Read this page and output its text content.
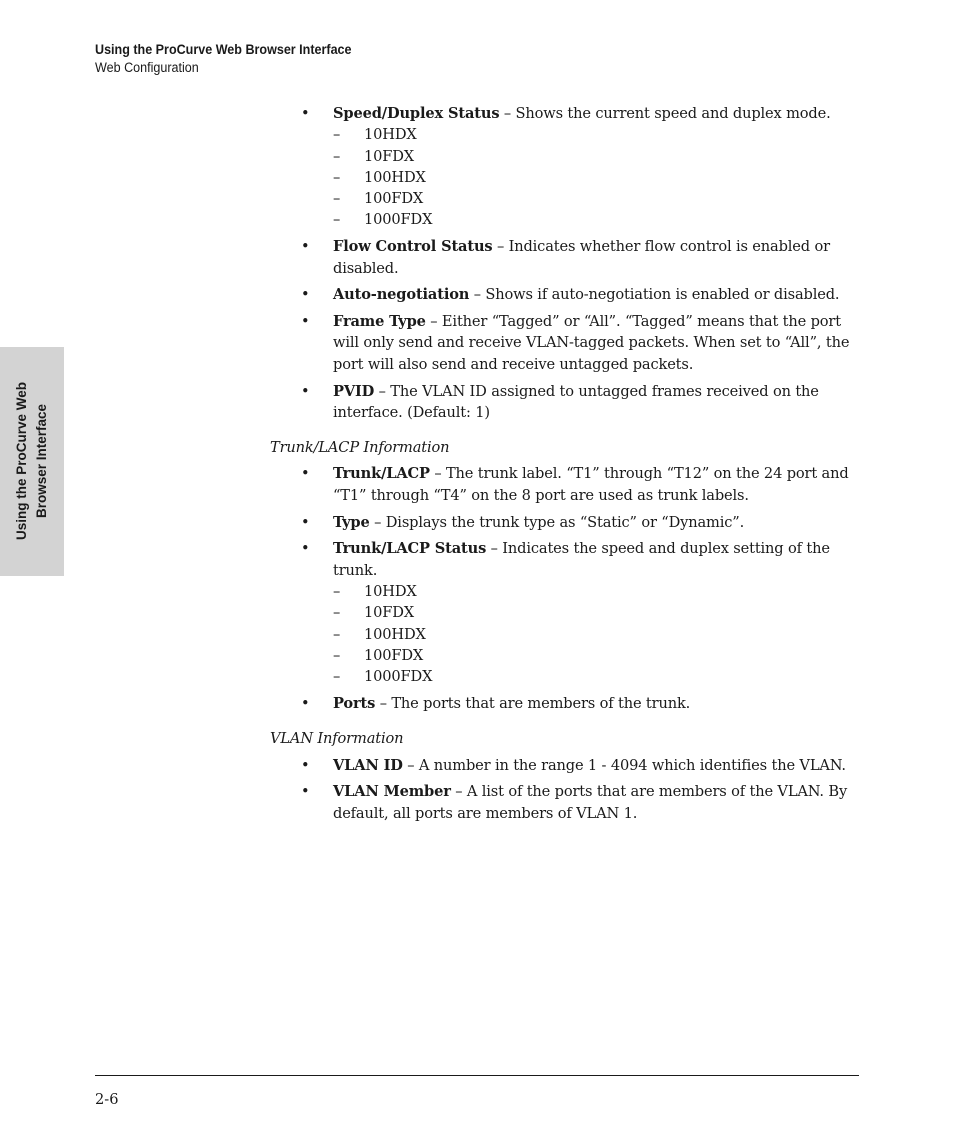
Using the ProCurve Web Browser Interface
Web Configuration
Using the ProCurve Web Browser Interface
• Speed/Duplex Status – Shows the current speed and duplex mode.
– 10HDX
– 10FDX
– 100HDX
– 100FDX
– 1000FDX
• Flow Control Status – Indicates whether flow control is enabled or disabled.
• Auto-negotiation – Shows if auto-negotiation is enabled or disabled.
• Frame Type – Either “Tagged” or “All”. “Tagged” means that the port will only send and receive VLAN-tagged packets. When set to “All”, the port will also send and receive untagged packets.
• PVID – The VLAN ID assigned to untagged frames received on the interface. (Default: 1)
Trunk/LACP Information
• Trunk/LACP – The trunk label. “T1” through “T12” on the 24 port and “T1” through “T4” on the 8 port are used as trunk labels.
• Type – Displays the trunk type as “Static” or “Dynamic”.
• Trunk/LACP Status – Indicates the speed and duplex setting of the trunk.
– 10HDX
– 10FDX
– 100HDX
– 100FDX
– 1000FDX
• Ports – The ports that are members of the trunk.
VLAN Information
• VLAN ID – A number in the range 1 - 4094 which identifies the VLAN.
• VLAN Member – A list of the ports that are members of the VLAN. By default, all ports are members of VLAN 1.
2-6
